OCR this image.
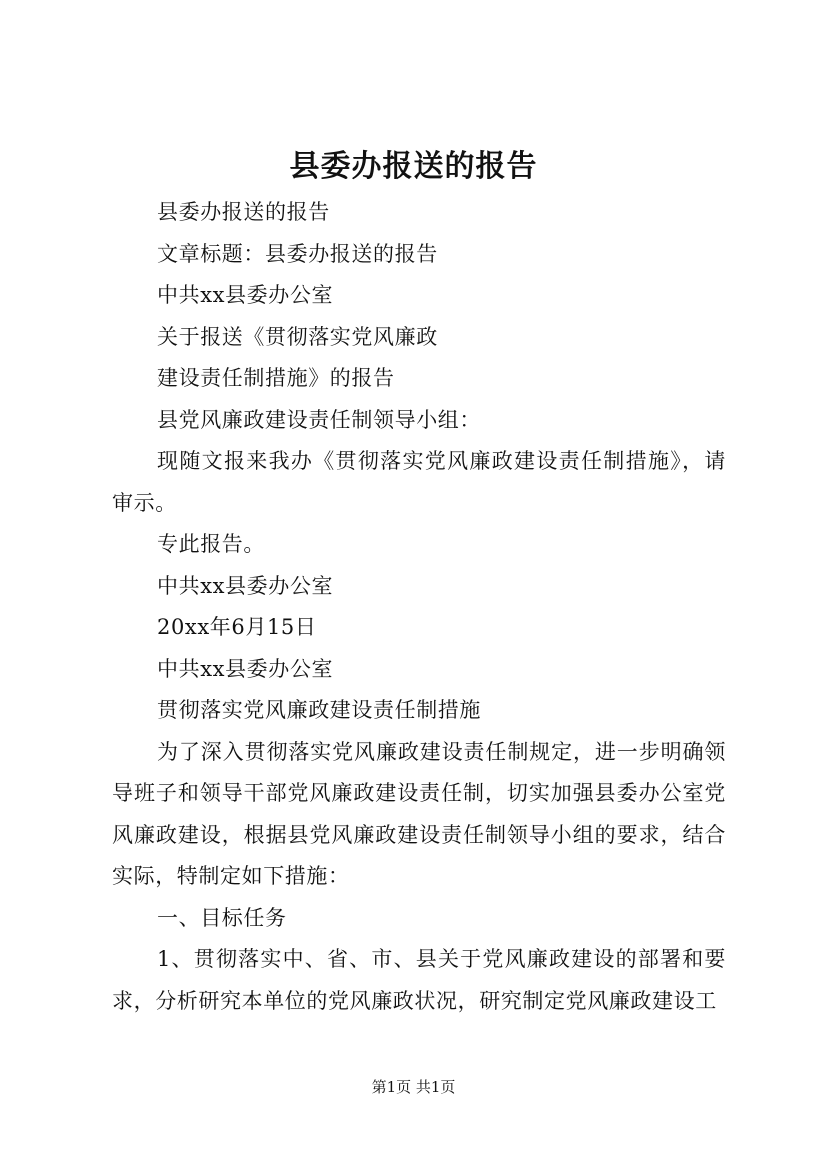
县委办报送的报告

县委办报送的报告

文章标题：县委办报送的报告

中共xx县委办公室

关于报送《贯彻落实党风廉政

建设责任制措施》的报告

县党风廉政建设责任制领导小组：

现随文报来我办《贯彻落实党风廉政建设责任制措施》，请审示。

专此报告。

中共xx县委办公室

20xx年6月15日

中共xx县委办公室

贯彻落实党风廉政建设责任制措施

为了深入贯彻落实党风廉政建设责任制规定，进一步明确领导班子和领导干部党风廉政建设责任制，切实加强县委办公室党风廉政建设，根据县党风廉政建设责任制领导小组的要求，结合实际，特制定如下措施：

一、目标任务

1、贯彻落实中、省、市、县关于党风廉政建设的部署和要求，分析研究本单位的党风廉政状况，研究制定党风廉政建设工

第1页 共1页
